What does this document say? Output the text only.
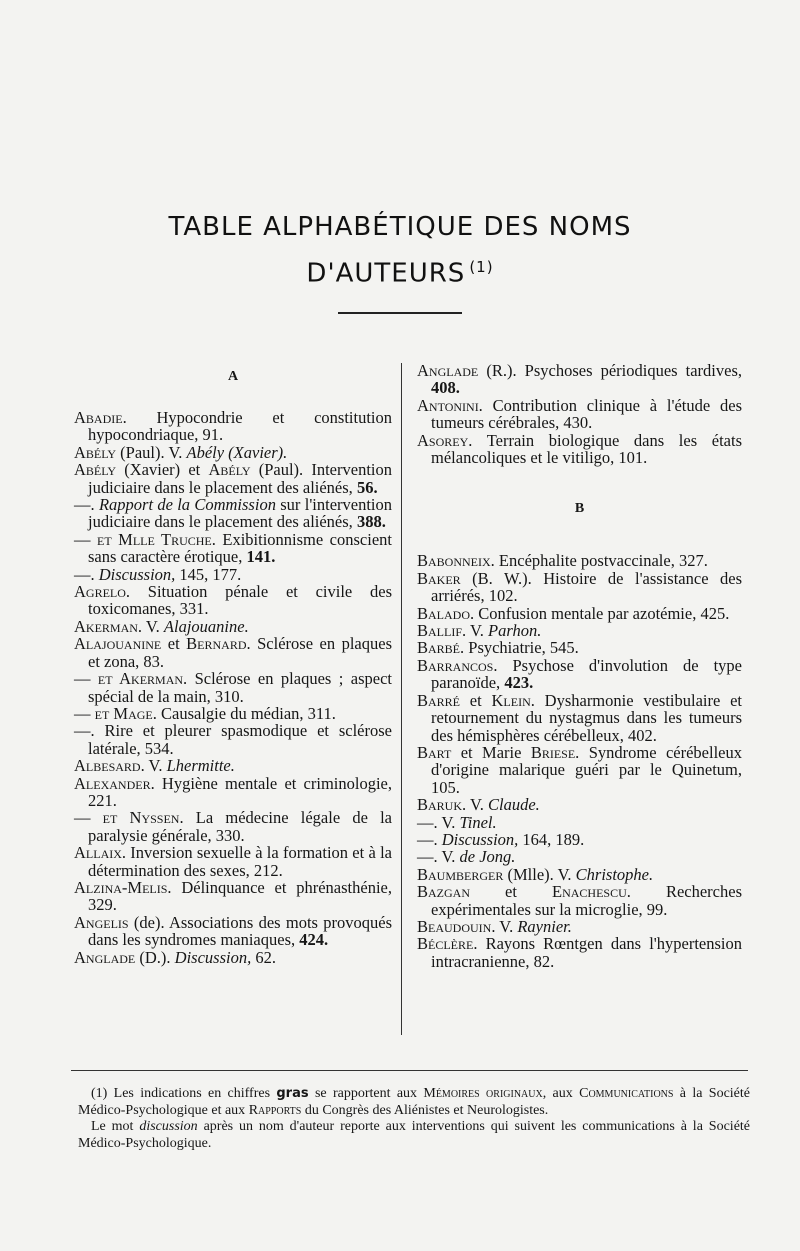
TABLE ALPHABÉTIQUE DES NOMS
D'AUTEURS $^{(1)}$
A
Abadie. Hypocondrie et constitution hypocondriaque, 91.
Abély (Paul). V. Abély (Xavier).
Abély (Xavier) et Abély (Paul). Intervention judiciaire dans le placement des aliénés, 56.
—. Rapport de la Commission sur l'intervention judiciaire dans le placement des aliénés, 388.
— et Mlle Truche. Exibitionnisme conscient sans caractère érotique, 141.
—. Discussion, 145, 177.
Agrelo. Situation pénale et civile des toxicomanes, 331.
Akerman. V. Alajouanine.
Alajouanine et Bernard. Sclérose en plaques et zona, 83.
— et Akerman. Sclérose en plaques ; aspect spécial de la main, 310.
— et Mage. Causalgie du médian, 311.
—. Rire et pleurer spasmodique et sclérose latérale, 534.
Albesard. V. Lhermitte.
Alexander. Hygiène mentale et criminologie, 221.
— et Nyssen. La médecine légale de la paralysie générale, 330.
Allaix. Inversion sexuelle à la formation et à la détermination des sexes, 212.
Alzina-Melis. Délinquance et phrénasthénie, 329.
Angelis (de). Associations des mots provoqués dans les syndromes maniaques, 424.
Anglade (D.). Discussion, 62.
Anglade (R.). Psychoses périodiques tardives, 408.
Antonini. Contribution clinique à l'étude des tumeurs cérébrales, 430.
Asorey. Terrain biologique dans les états mélancoliques et le vitiligo, 101.
B
Babonneix. Encéphalite postvaccinale, 327.
Baker (B. W.). Histoire de l'assistance des arriérés, 102.
Balado. Confusion mentale par azotémie, 425.
Ballif. V. Parhon.
Barbé. Psychiatrie, 545.
Barrancos. Psychose d'involution de type paranoïde, 423.
Barré et Klein. Dysharmonie vestibulaire et retournement du nystagmus dans les tumeurs des hémisphères cérébelleux, 402.
Bart et Marie Briese. Syndrome cérébelleux d'origine malarique guéri par le Quinetum, 105.
Baruk. V. Claude.
—. V. Tinel.
—. Discussion, 164, 189.
—. V. de Jong.
Baumberger (Mlle). V. Christophe.
Bazgan et Enachescu. Recherches expérimentales sur la microglie, 99.
Beaudouin. V. Raynier.
Béclère. Rayons Rœntgen dans l'hypertension intracranienne, 82.
(1) Les indications en chiffres gras se rapportent aux Mémoires originaux, aux Communications à la Société Médico-Psychologique et aux Rapports du Congrès des Aliénistes et Neurologistes.
Le mot discussion après un nom d'auteur reporte aux interventions qui suivent les communications à la Société Médico-Psychologique.
